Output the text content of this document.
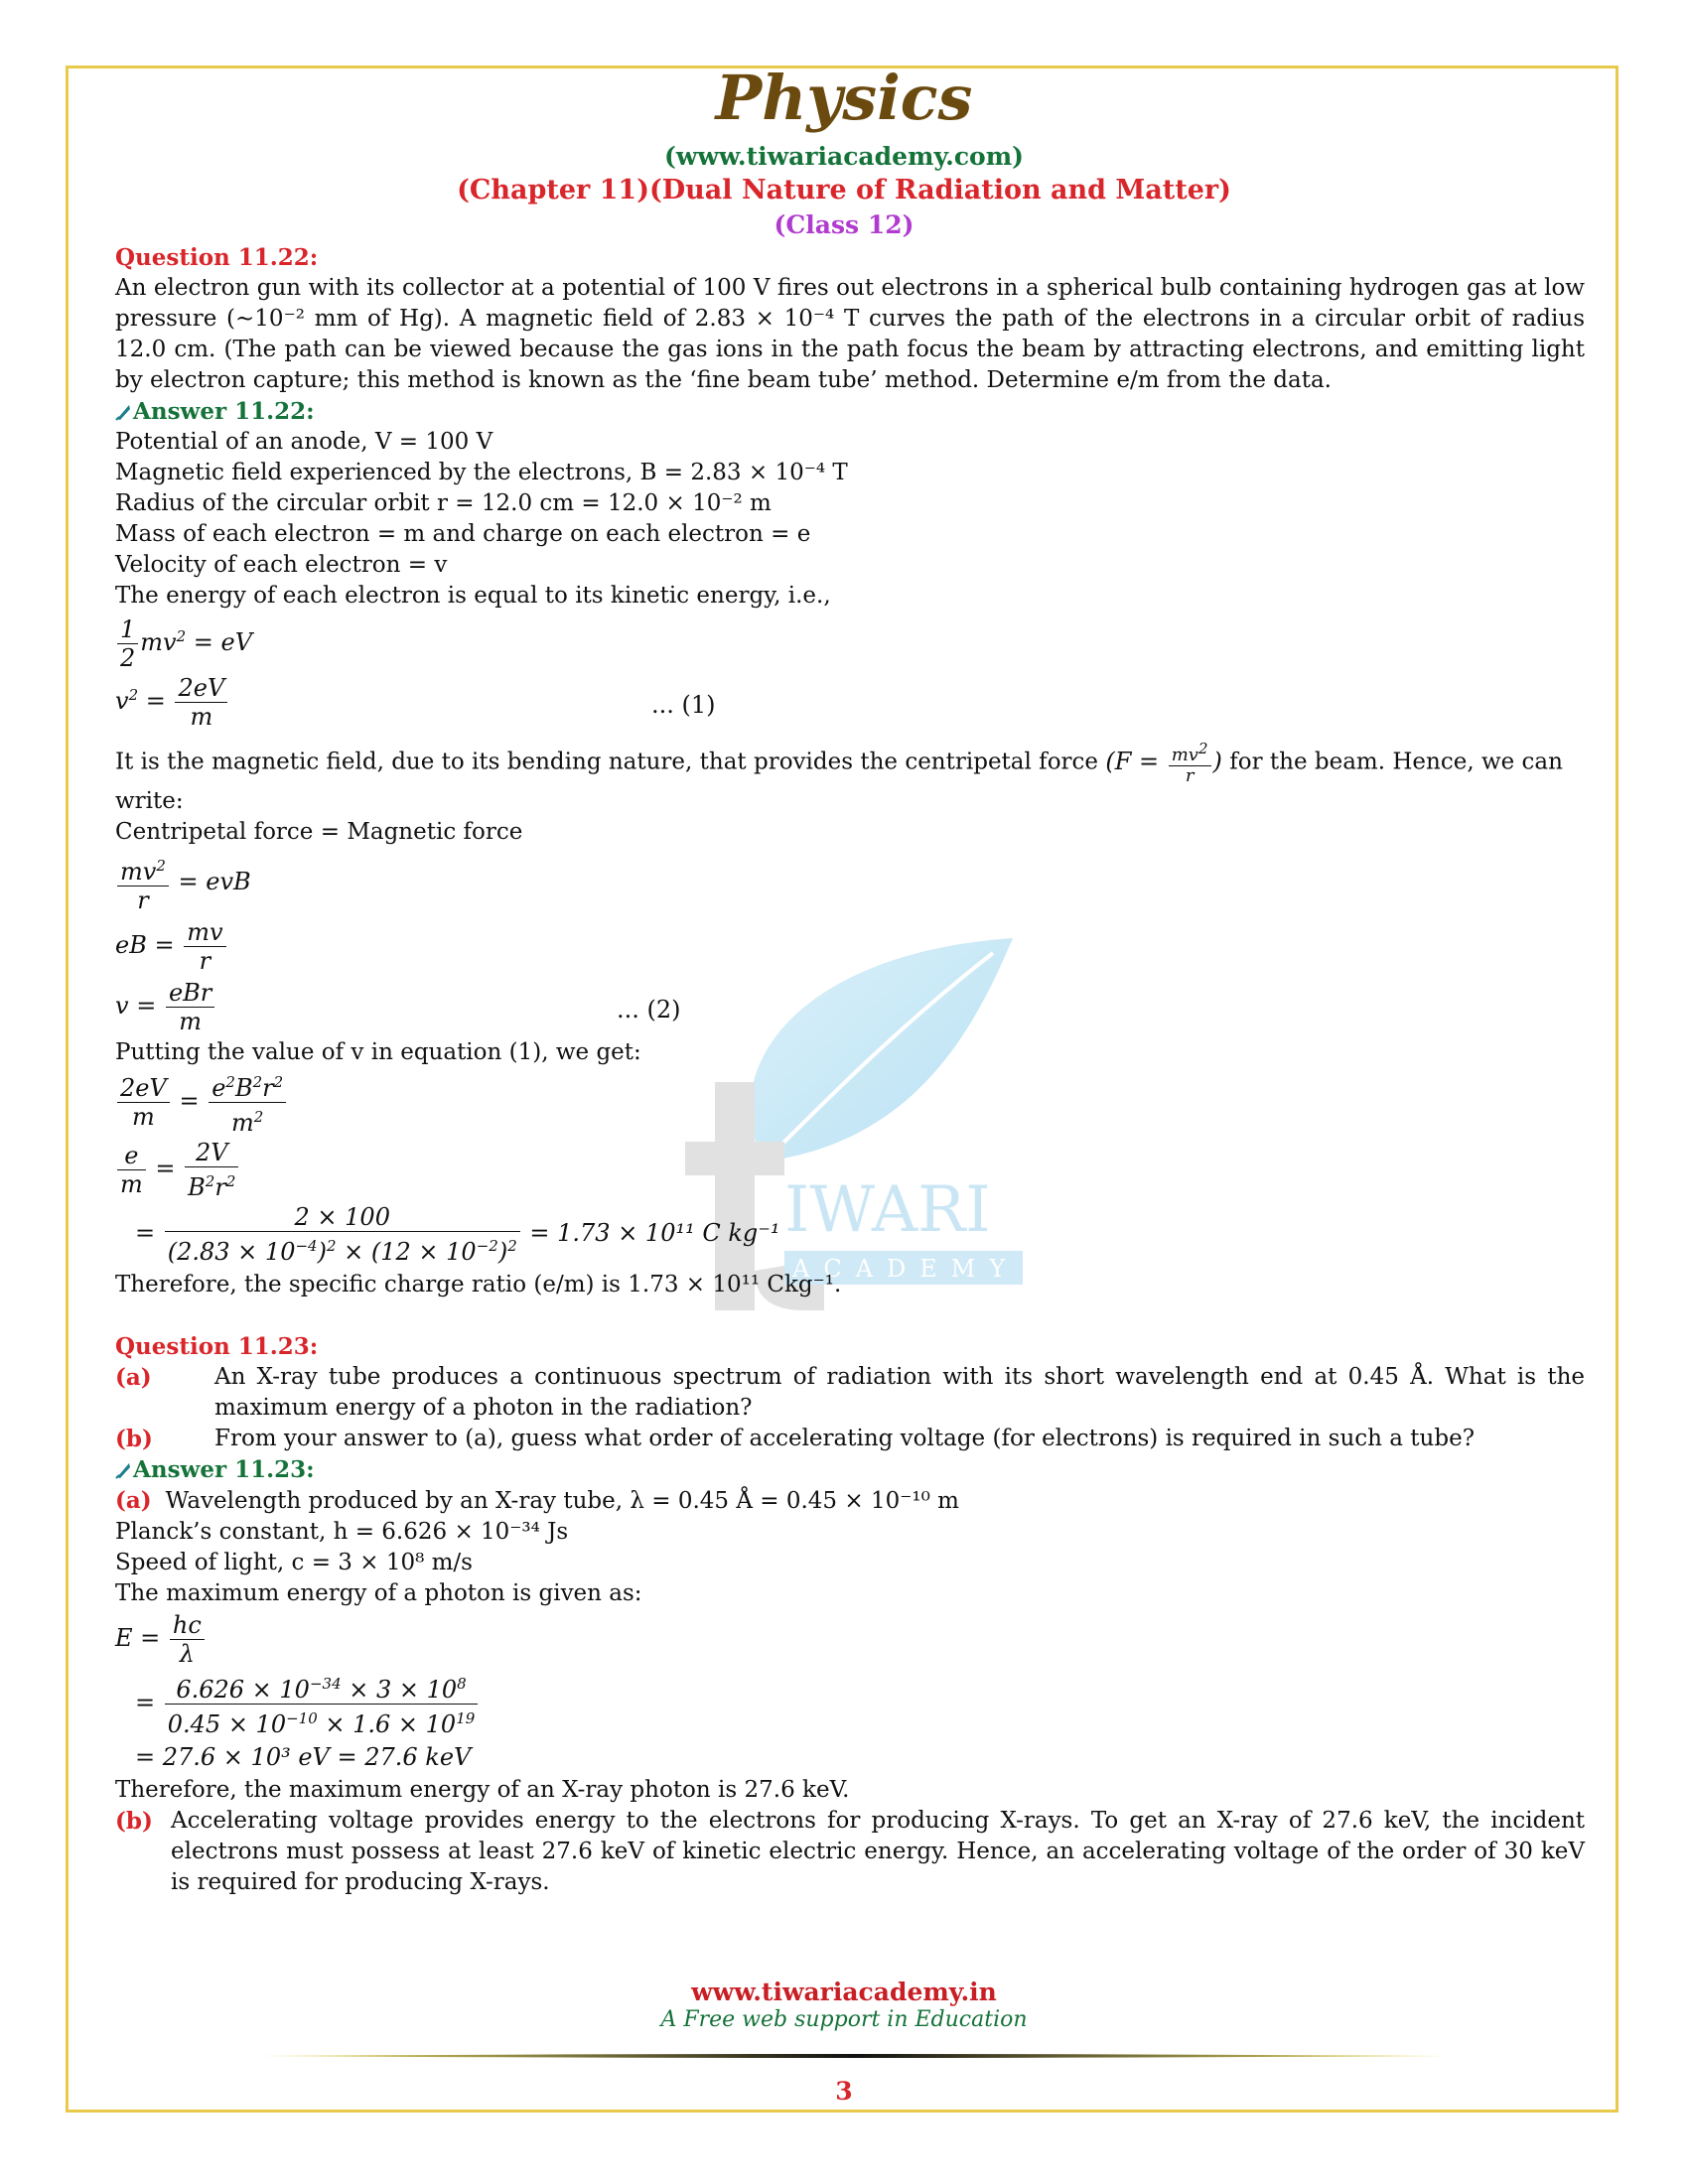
Physics
(www.tiwariacademy.com)
(Chapter 11)(Dual Nature of Radiation and Matter)
(Class 12)
IWARI
ACADEMY
Question 11.22:
An electron gun with its collector at a potential of 100 V fires out electrons in a spherical bulb containing hydrogen gas at low pressure (∼10⁻² mm of Hg). A magnetic field of 2.83 × 10⁻⁴ T curves the path of the electrons in a circular orbit of radius 12.0 cm. (The path can be viewed because the gas ions in the path focus the beam by attracting electrons, and emitting light by electron capture; this method is known as the ‘fine beam tube’ method. Determine e/m from the data.
Answer 11.22:
Potential of an anode, V = 100 V
Magnetic field experienced by the electrons, B = 2.83 × 10⁻⁴ T
Radius of the circular orbit r = 12.0 cm = 12.0 × 10⁻² m
Mass of each electron = m and charge on each electron = e
Velocity of each electron = v
The energy of each electron is equal to its kinetic energy, i.e.,
$\frac{1}{2} mv^2$ = eV
$v^2 = \frac{2eV}{m}$	... (1)
It is the magnetic field, due to its bending nature, that provides the centripetal force ($F = \frac{mv^2}{r}$ ) for the beam. Hence, we can write:
Centripetal force = Magnetic force
$\frac{mv^2}{r}$ = evB
eB = $\frac{mv}{r}$
$v = \frac{\text{eBr}}{m}$	... (2)
Putting the value of v in equation (1), we get:
$\frac{2eV}{m} = \frac{e^2B^2r^2}{m^2}$
$\frac{e}{m} = \frac{2V}{B^2r^2}$
= $\frac{2 \times 100}{(2.83 \times 10^{-4})^2 \times (12 \times 10^{-2})^2} = 1.73 \times 10^{11}$ C kg⁻¹
Therefore, the specific charge ratio (e/m) is 1.73 × 10¹¹ Ckg⁻¹.
Question 11.23:
(a)	An X-ray tube produces a continuous spectrum of radiation with its short wavelength end at 0.45 Å. What is the maximum energy of a photon in the radiation?
(b)	From your answer to (a), guess what order of accelerating voltage (for electrons) is required in such a tube?
Answer 11.23:
(a) Wavelength produced by an X-ray tube, λ = 0.45 Å = 0.45 × 10⁻¹⁰ m
Planck’s constant, h = 6.626 × 10⁻³⁴ Js
Speed of light, c = 3 × 10⁸ m/s
The maximum energy of a photon is given as:
$E = \frac{hc}{\lambda}$
= $\frac{6.626 \times 10^{-34} \times 3 \times 10^8}{0.45 \times 10^{-10} \times 1.6 \times 10^{19}}$
= 27.6 × 10³ eV = 27.6 keV
Therefore, the maximum energy of an X-ray photon is 27.6 keV.
(b) Accelerating voltage provides energy to the electrons for producing X-rays. To get an X-ray of 27.6 keV, the incident electrons must possess at least 27.6 keV of kinetic electric energy. Hence, an accelerating voltage of the order of 30 keV is required for producing X-rays.
www.tiwariacademy.in
A Free web support in Education
3
